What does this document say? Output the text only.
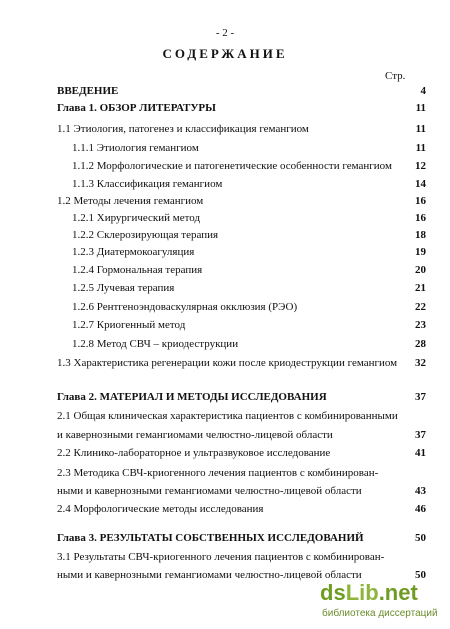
- 2 -
СОДЕРЖАНИЕ
Стр.
ВВЕДЕНИЕ	4
Глава 1. ОБЗОР ЛИТЕРАТУРЫ	11
1.1 Этиология, патогенез и классификация гемангиом	11
1.1.1 Этиология гемангиом	11
1.1.2 Морфологические и патогенетические особенности гемангиом 12
1.1.3 Классификация гемангиом	14
1.2 Методы лечения гемангиом	16
1.2.1 Хирургический метод	16
1.2.2 Склерозирующая терапия	18
1.2.3 Диатермокоагуляция	19
1.2.4 Гормональная терапия	20
1.2.5 Лучевая терапия	21
1.2.6 Рентгеноэндоваскулярная окклюзия (РЭО)	22
1.2.7 Криогенный метод	23
1.2.8 Метод СВЧ – криодеструкции	28
1.3 Характеристика регенерации кожи после криодеструкции гемангиом 32
Глава 2. МАТЕРИАЛ И МЕТОДЫ ИССЛЕДОВАНИЯ	37
2.1 Общая клиническая характеристика пациентов с комбинированными
и кавернозными гемангиомами челюстно-лицевой области	37
2.2 Клинико-лабораторное и ультразвуковое исследование	41
2.3 Методика СВЧ-криогенного лечения пациентов с комбинирован-
ными и кавернозными гемангиомами челюстно-лицевой области	43
2.4 Морфологические методы исследования	46
Глава 3. РЕЗУЛЬТАТЫ СОБСТВЕННЫХ ИССЛЕДОВАНИЙ	50
3.1 Результаты СВЧ-криогенного лечения пациентов с комбинирован-
ными и кавернозными гемангиомами челюстно-лицевой области	50
dsLib.net
библиотека диссертаций
